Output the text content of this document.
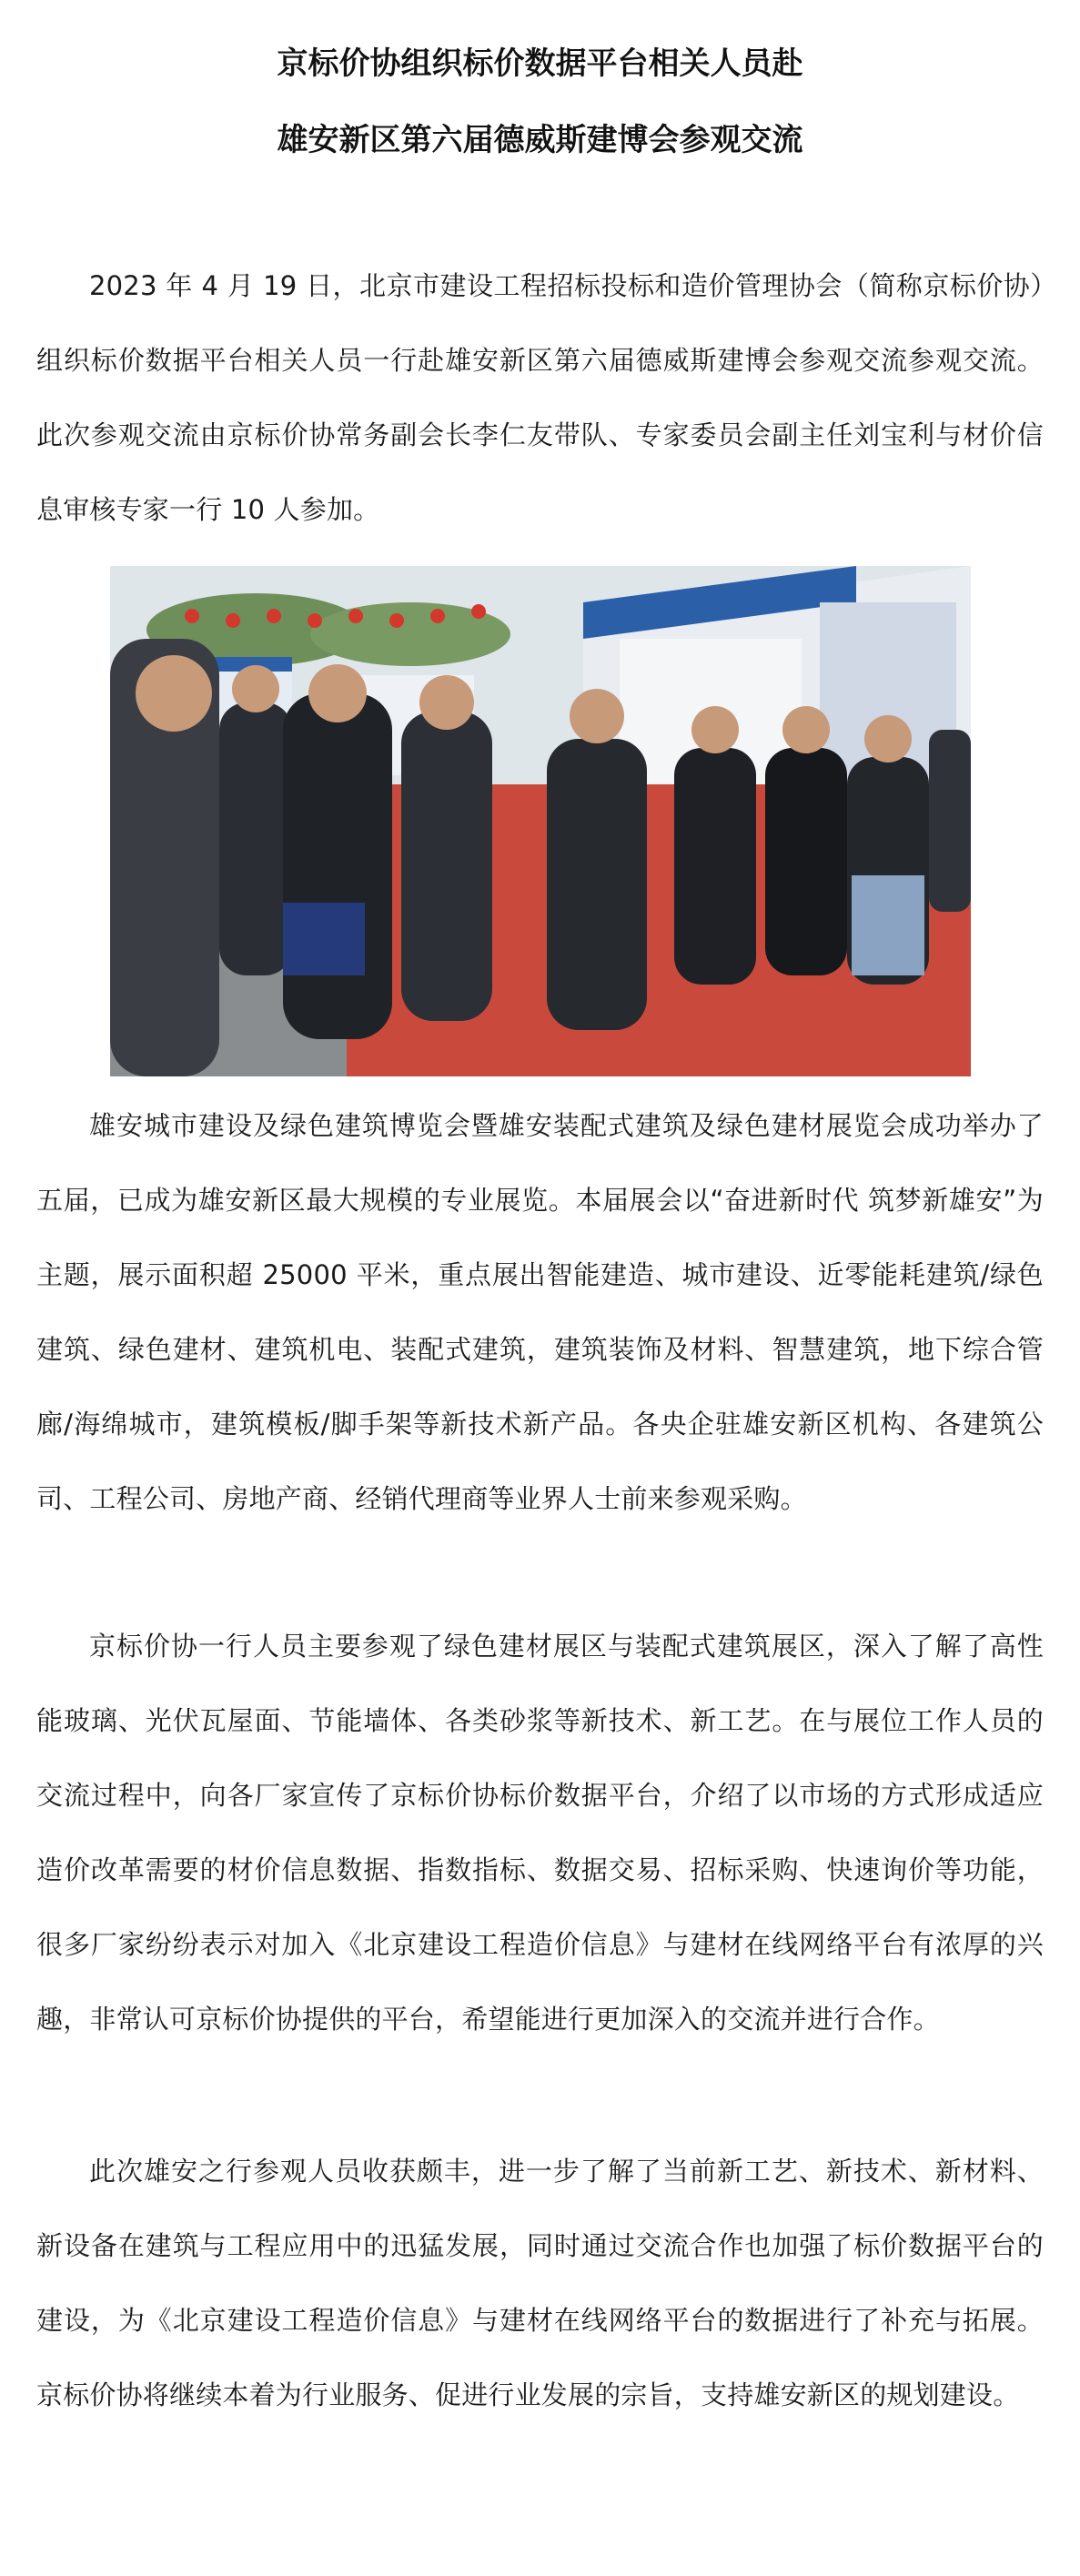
京标价协组织标价数据平台相关人员赴
雄安新区第六届德威斯建博会参观交流

2023 年 4 月 19 日，北京市建设工程招标投标和造价管理协会（简称京标价协）组织标价数据平台相关人员一行赴雄安新区第六届德威斯建博会参观交流参观交流。此次参观交流由京标价协常务副会长李仁友带队、专家委员会副主任刘宝利与材价信息审核专家一行 10 人参加。

雄安城市建设及绿色建筑博览会暨雄安装配式建筑及绿色建材展览会成功举办了五届，已成为雄安新区最大规模的专业展览。本届展会以“奋进新时代 筑梦新雄安”为主题，展示面积超 25000 平米，重点展出智能建造、城市建设、近零能耗建筑/绿色建筑、绿色建材、建筑机电、装配式建筑，建筑装饰及材料、智慧建筑，地下综合管廊/海绵城市，建筑模板/脚手架等新技术新产品。各央企驻雄安新区机构、各建筑公司、工程公司、房地产商、经销代理商等业界人士前来参观采购。

京标价协一行人员主要参观了绿色建材展区与装配式建筑展区，深入了解了高性能玻璃、光伏瓦屋面、节能墙体、各类砂浆等新技术、新工艺。在与展位工作人员的交流过程中，向各厂家宣传了京标价协标价数据平台，介绍了以市场的方式形成适应造价改革需要的材价信息数据、指数指标、数据交易、招标采购、快速询价等功能，很多厂家纷纷表示对加入《北京建设工程造价信息》与建材在线网络平台有浓厚的兴趣，非常认可京标价协提供的平台，希望能进行更加深入的交流并进行合作。

此次雄安之行参观人员收获颇丰，进一步了解了当前新工艺、新技术、新材料、新设备在建筑与工程应用中的迅猛发展，同时通过交流合作也加强了标价数据平台的建设，为《北京建设工程造价信息》与建材在线网络平台的数据进行了补充与拓展。京标价协将继续本着为行业服务、促进行业发展的宗旨，支持雄安新区的规划建设。
